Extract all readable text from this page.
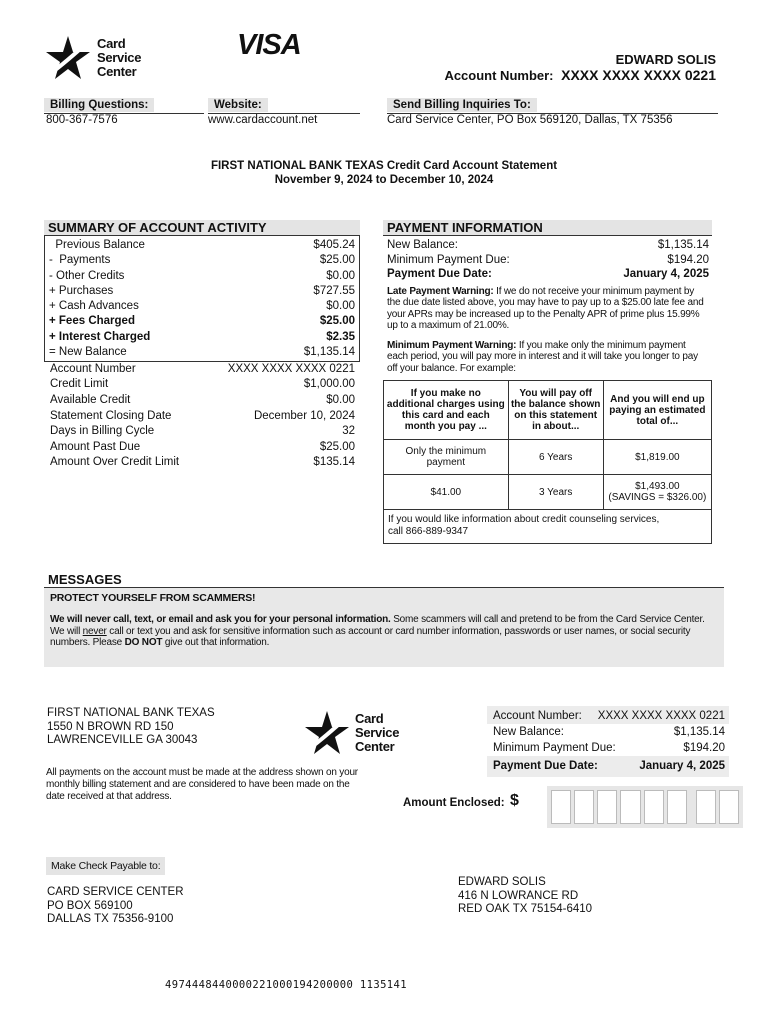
Card
Service
Center
VISA	EDWARD SOLIS
Account Number: XXXX XXXX XXXX 0221
Billing Questions:
800-367-7576
Website:
www.cardaccount.net
Send Billing Inquiries To:
Card Service Center, PO Box 569120, Dallas, TX 75356
FIRST NATIONAL BANK TEXAS Credit Card Account Statement
November 9, 2024 to December 10, 2024
SUMMARY OF ACCOUNT ACTIVITY
Previous Balance	$405.24
-  Payments	$25.00
- Other Credits	$0.00
+ Purchases	$727.55
+ Cash Advances	$0.00
+ Fees Charged	$25.00
+ Interest Charged	$2.35
= New Balance	$1,135.14
Account Number	XXXX XXXX XXXX 0221
Credit Limit	$1,000.00
Available Credit	$0.00
Statement Closing Date	December 10, 2024
Days in Billing Cycle	32
Amount Past Due	$25.00
Amount Over Credit Limit	$135.14
PAYMENT INFORMATION
New Balance:	$1,135.14
Minimum Payment Due:	$194.20
Payment Due Date:	January 4, 2025
Late Payment Warning: If we do not receive your minimum payment by the due date listed above, you may have to pay up to a $25.00 late fee and your APRs may be increased up to the Penalty APR of prime plus 15.99% up to a maximum of 21.00%.
Minimum Payment Warning: If you make only the minimum payment each period, you will pay more in interest and it will take you longer to pay off your balance. For example:
If you make no additional charges using this card and each month you pay ...	You will pay off the balance shown on this statement in about...	And you will end up paying an estimated total of...
Only the minimum payment	6 Years	$1,819.00
$41.00	3 Years	$1,493.00
(SAVINGS = $326.00)

If you would like information about credit counseling services,
call 866-889-9347		
MESSAGES
PROTECT YOURSELF FROM SCAMMERS!
We will never call, text, or email and ask you for your personal information. Some scammers will call and pretend to be from the Card Service Center. We will never call or text you and ask for sensitive information such as account or card number information, passwords or user names, or social security numbers. Please DO NOT give out that information.
FIRST NATIONAL BANK TEXAS
1550 N BROWN RD 150
LAWRENCEVILLE GA 30043
All payments on the account must be made at the address shown on your monthly billing statement and are considered to have been made on the date received at that address.
Card
Service
Center
Account Number: XXXX XXXX XXXX 0221
New Balance:	$1,135.14
Minimum Payment Due:	$194.20
Payment Due Date:	January 4, 2025
Amount Enclosed: $
Make Check Payable to:
CARD SERVICE CENTER
PO BOX 569100
DALLAS TX 75356-9100
EDWARD SOLIS
416 N LOWRANCE RD
RED OAK TX 75154-6410
4974448440000221000194200000 1135141
